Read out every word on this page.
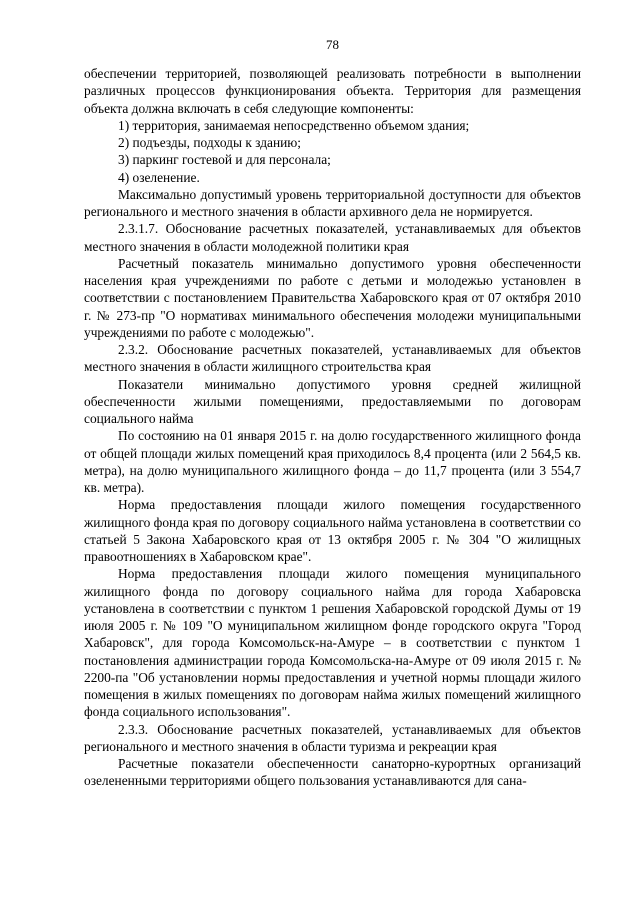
78

обеспечении территорией, позволяющей реализовать потребности в выполнении различных процессов функционирования объекта. Территория для размещения объекта должна включать в себя следующие компоненты:

1) территория, занимаемая непосредственно объемом здания;

2) подъезды, подходы к зданию;

3) паркинг гостевой и для персонала;

4) озеленение.

Максимально допустимый уровень территориальной доступности для объектов регионального и местного значения в области архивного дела не нормируется.

2.3.1.7. Обоснование расчетных показателей, устанавливаемых для объектов местного значения в области молодежной политики края

Расчетный показатель минимально допустимого уровня обеспеченности населения края учреждениями по работе с детьми и молодежью установлен в соответствии с постановлением Правительства Хабаровского края от 07 октября 2010 г. № 273-пр "О нормативах минимального обеспечения молодежи муниципальными учреждениями по работе с молодежью".

2.3.2. Обоснование расчетных показателей, устанавливаемых для объектов местного значения в области жилищного строительства края

Показатели минимально допустимого уровня средней жилищной обеспеченности жилыми помещениями, предоставляемыми по договорам социального найма

По состоянию на 01 января 2015 г. на долю государственного жилищного фонда от общей площади жилых помещений края приходилось 8,4 процента (или 2 564,5 кв. метра), на долю муниципального жилищного фонда – до 11,7 процента (или 3 554,7 кв. метра).

Норма предоставления площади жилого помещения государственного жилищного фонда края по договору социального найма установлена в соответствии со статьей 5 Закона Хабаровского края от 13 октября 2005 г. № 304 "О жилищных правоотношениях в Хабаровском крае".

Норма предоставления площади жилого помещения муниципального жилищного фонда по договору социального найма для города Хабаровска установлена в соответствии с пунктом 1 решения Хабаровской городской Думы от 19 июля 2005 г. № 109 "О муниципальном жилищном фонде городского округа "Город Хабаровск", для города Комсомольск-на-Амуре – в соответствии с пунктом 1 постановления администрации города Комсомольска-на-Амуре от 09 июля 2015 г. № 2200-па "Об установлении нормы предоставления и учетной нормы площади жилого помещения в жилых помещениях по договорам найма жилых помещений жилищного фонда социального использования".

2.3.3. Обоснование расчетных показателей, устанавливаемых для объектов регионального и местного значения в области туризма и рекреации края

Расчетные показатели обеспеченности санаторно-курортных организаций озелененными территориями общего пользования устанавливаются для сана-
